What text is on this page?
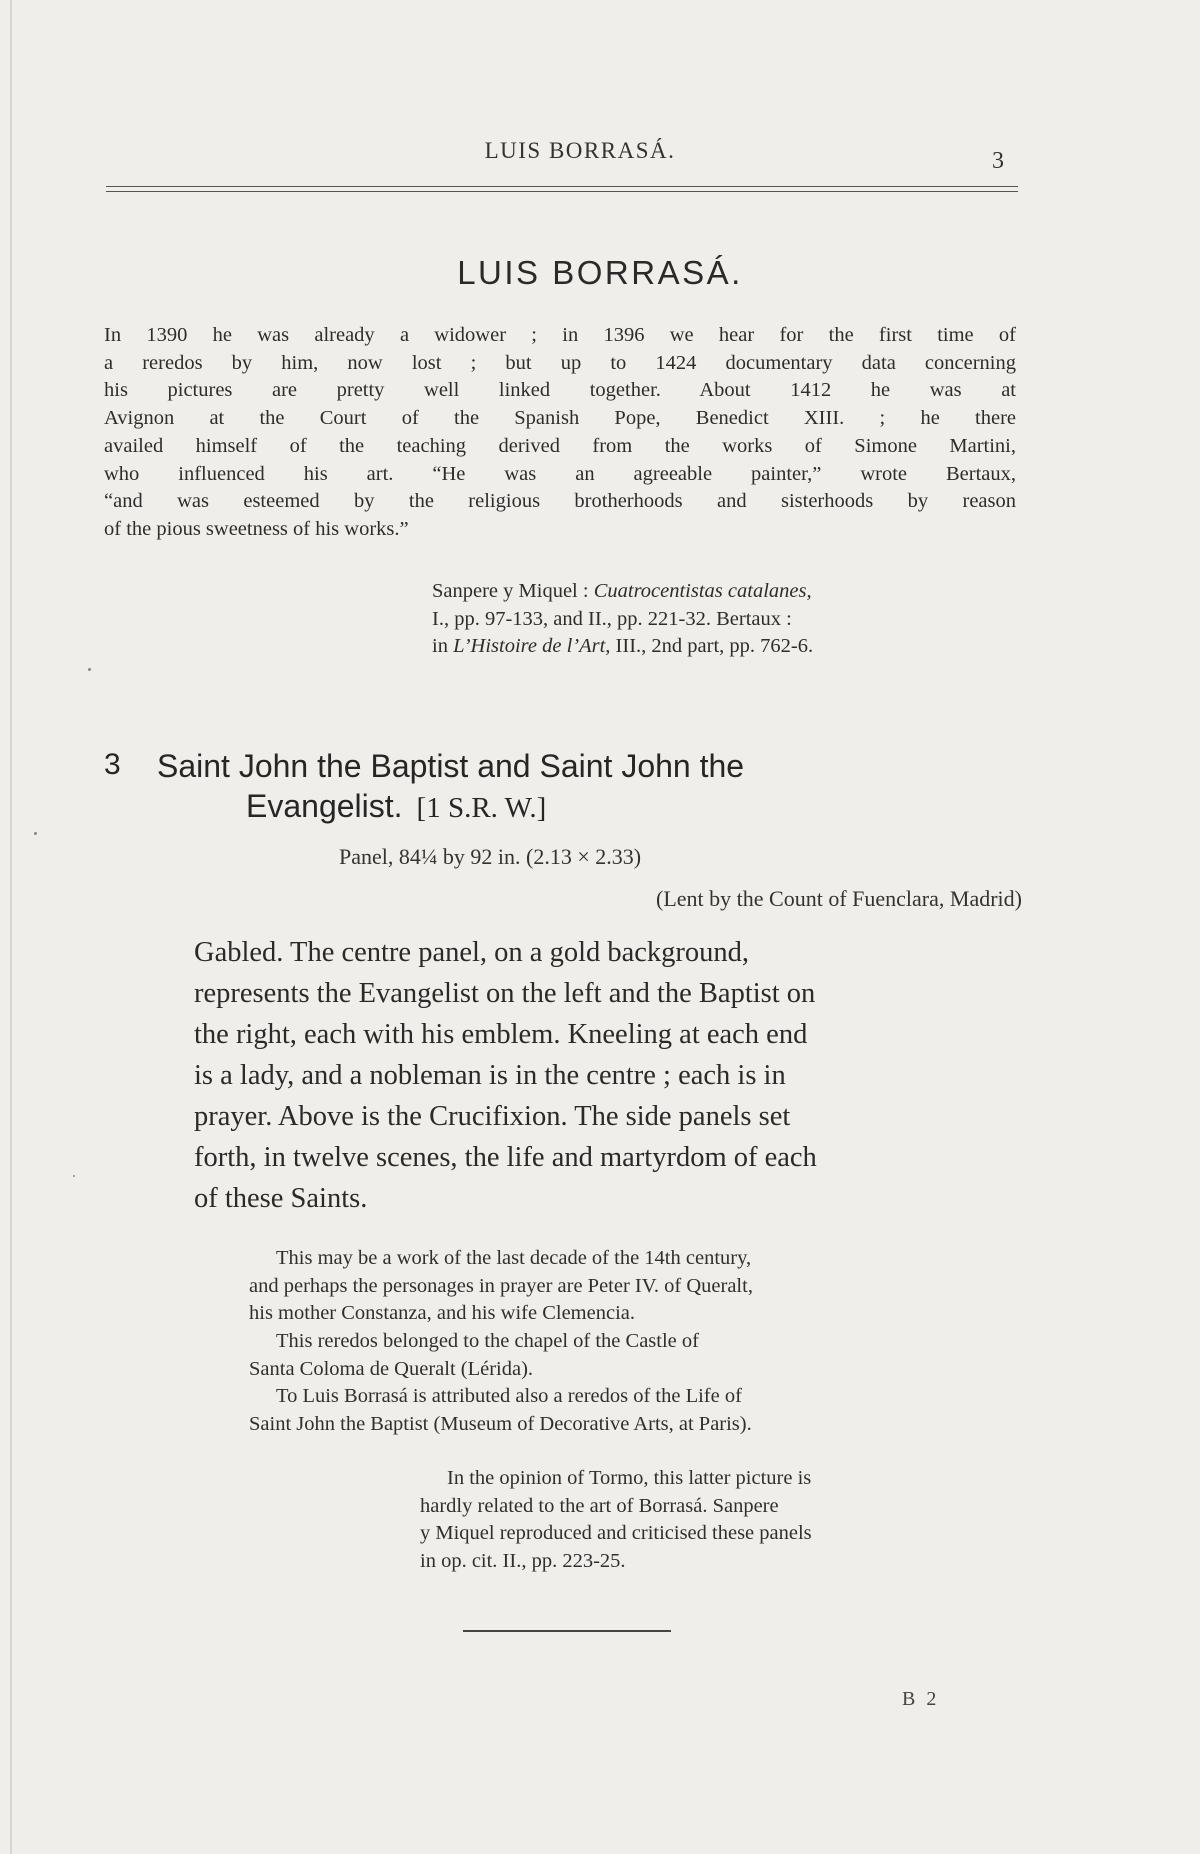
LUIS BORRASÁ.	3
LUIS BORRASÁ.
In 1390 he was already a widower ; in 1396 we hear for the first time of
a reredos by him, now lost ; but up to 1424 documentary data concerning
his pictures are pretty well linked together. About 1412 he was at
Avignon at the Court of the Spanish Pope, Benedict XIII. ; he there
availed himself of the teaching derived from the works of Simone Martini,
who influenced his art. “He was an agreeable painter,” wrote Bertaux,
“and was esteemed by the religious brotherhoods and sisterhoods by reason
of the pious sweetness of his works.”
Sanpere y Miquel : Cuatrocentistas catalanes,
I., pp. 97-133, and II., pp. 221-32. Bertaux :
in L’Histoire de l’Art, III., 2nd part, pp. 762-6.
3 Saint John the Baptist and Saint John the
Evangelist. [1 S.R. W.]
Panel, 84¼ by 92 in. (2.13 × 2.33)
(Lent by the Count of Fuenclara, Madrid)
Gabled. The centre panel, on a gold background,
represents the Evangelist on the left and the Baptist on
the right, each with his emblem. Kneeling at each end
is a lady, and a nobleman is in the centre ; each is in
prayer. Above is the Crucifixion. The side panels set
forth, in twelve scenes, the life and martyrdom of each
of these Saints.
This may be a work of the last decade of the 14th century,
and perhaps the personages in prayer are Peter IV. of Queralt,
his mother Constanza, and his wife Clemencia.
This reredos belonged to the chapel of the Castle of
Santa Coloma de Queralt (Lérida).
To Luis Borrasá is attributed also a reredos of the Life of
Saint John the Baptist (Museum of Decorative Arts, at Paris).
In the opinion of Tormo, this latter picture is
hardly related to the art of Borrasá. Sanpere
y Miquel reproduced and criticised these panels
in op. cit. II., pp. 223-25.
B 2
